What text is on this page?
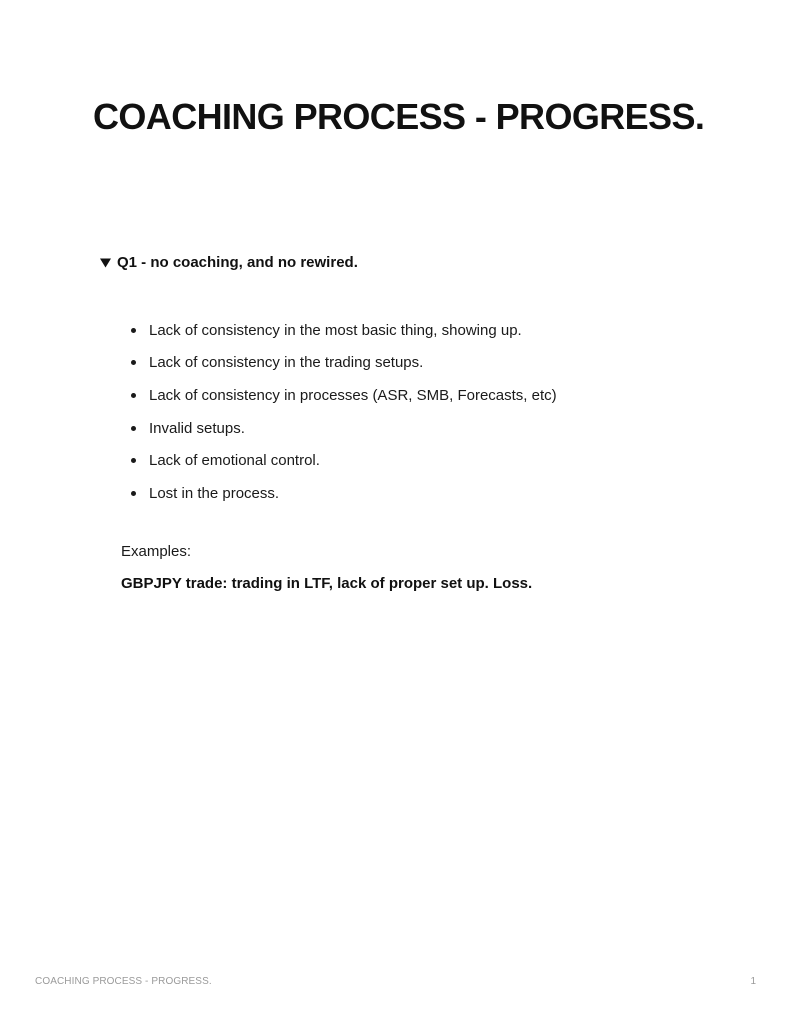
COACHING PROCESS - PROGRESS.
Q1 - no coaching, and no rewired.
Lack of consistency in the most basic thing, showing up.
Lack of consistency in the trading setups.
Lack of consistency in processes (ASR, SMB, Forecasts, etc)
Invalid setups.
Lack of emotional control.
Lost in the process.
Examples:
GBPJPY trade: trading in LTF, lack of proper set up. Loss.
COACHING PROCESS - PROGRESS.	1
